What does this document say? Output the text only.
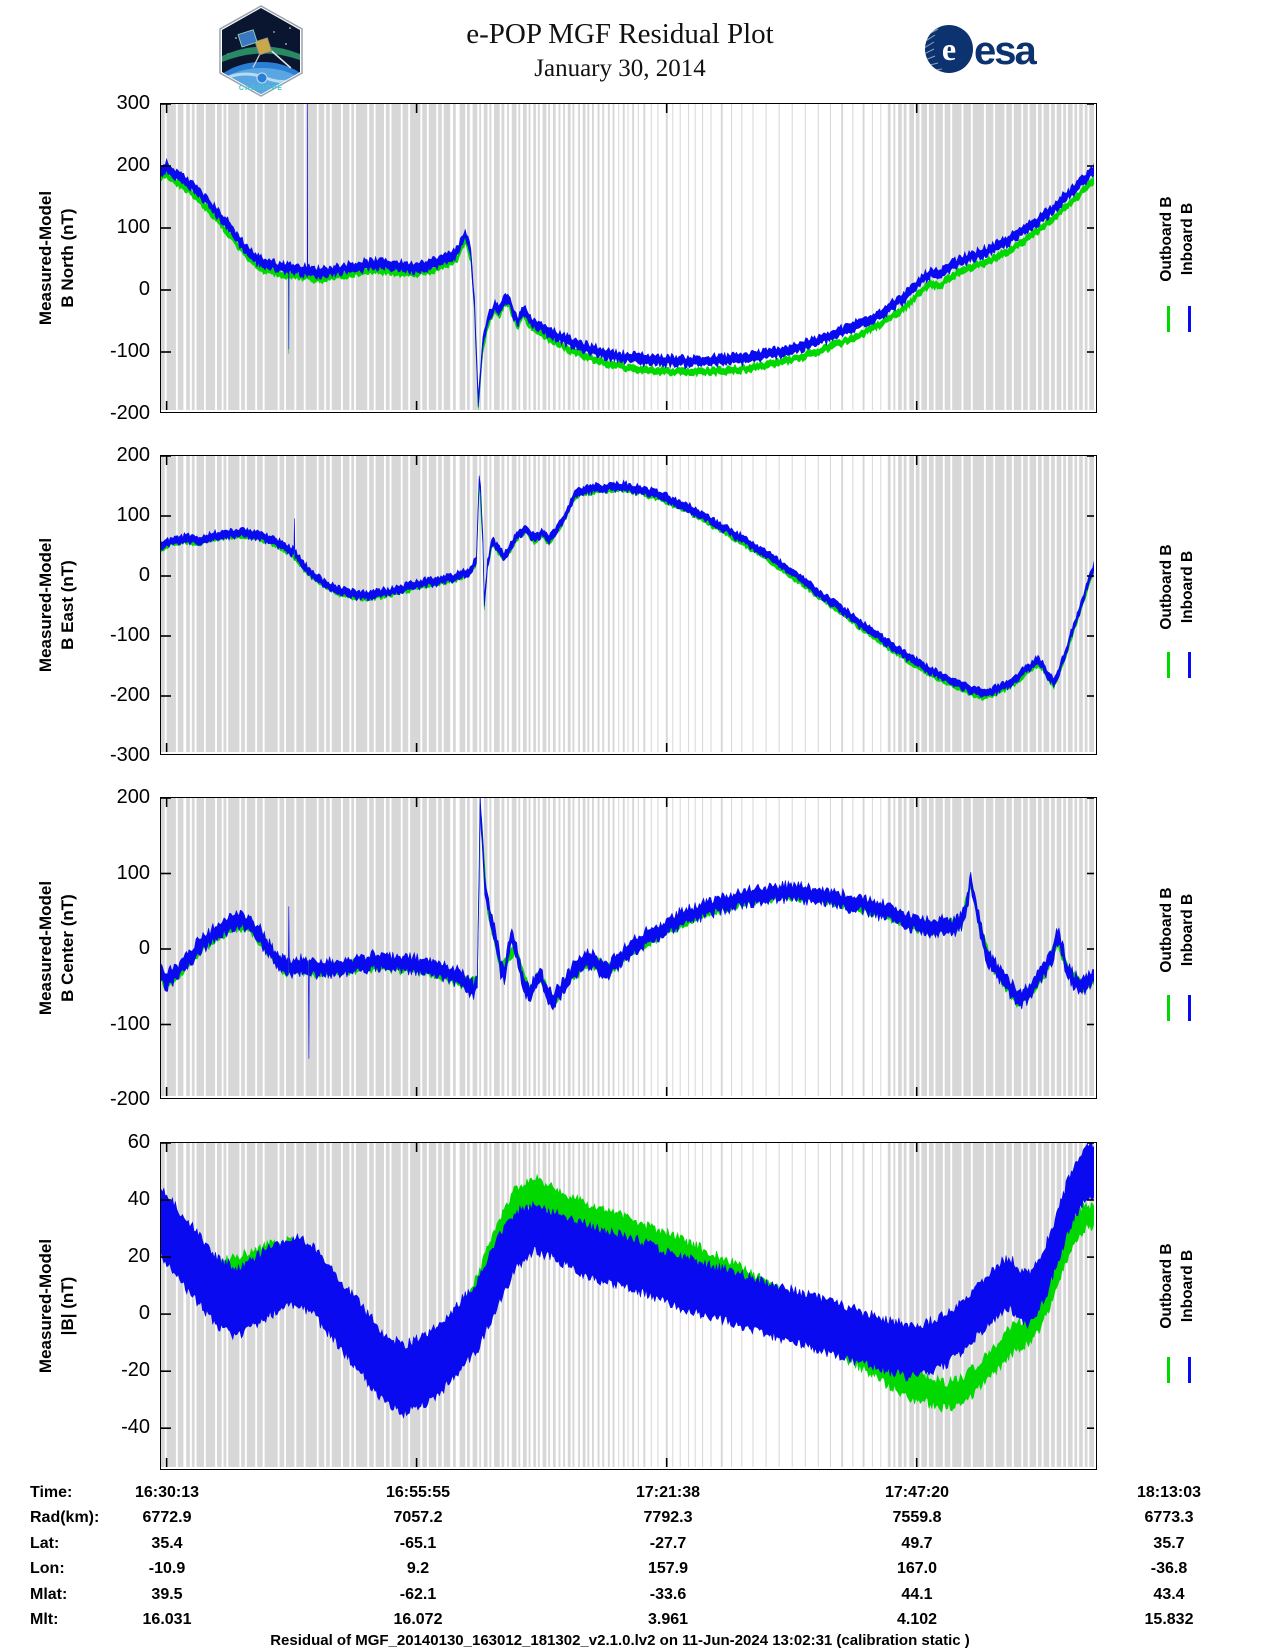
CASSIOPE
e-POP MGF Residual Plot
January 30, 2014
e esa
300
200
100
0
-100
-200
Measured-Model B North (nT)	Outboard B Inboard B
200
100
0
-100
-200
-300
Measured-Model B East (nT)	Outboard B Inboard B
200
100
0
-100
-200
Measured-Model B Center (nT)	Outboard B Inboard B
60
40
20
0
-20
-40
Measured-Model |B| (nT)	Outboard B Inboard B
Time:	16:30:13	16:55:55	17:21:38	17:47:20	18:13:03
Rad(km):	6772.9	7057.2	7792.3	7559.8	6773.3
Lat:	35.4	-65.1	-27.7	49.7	35.7
Lon:	-10.9	9.2	157.9	167.0	-36.8
Mlat:	39.5	-62.1	-33.6	44.1	43.4
Mlt:	16.031	16.072	3.961	4.102	15.832
Residual of MGF_20140130_163012_181302_v2.1.0.lv2 on 11-Jun-2024 13:02:31 (calibration static )
